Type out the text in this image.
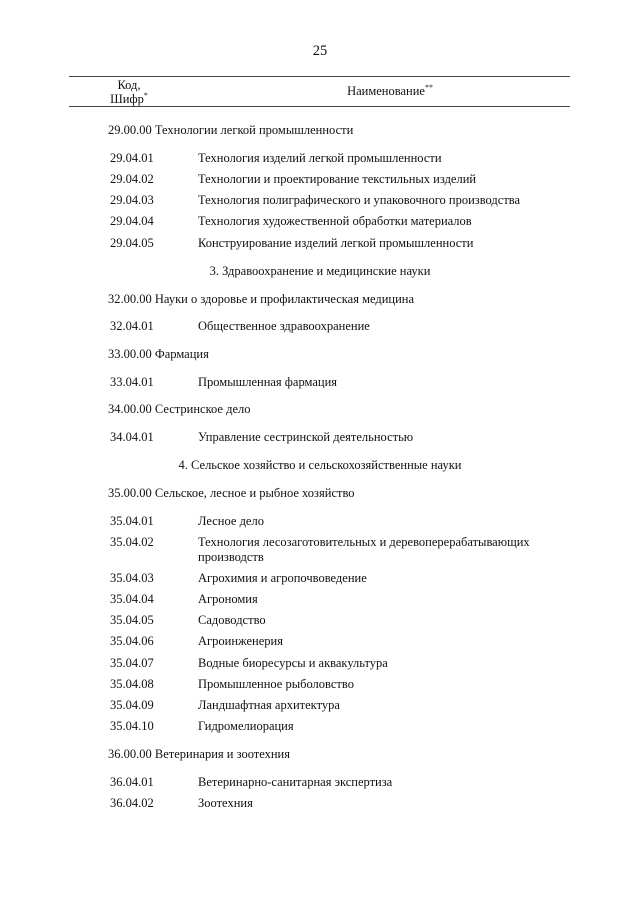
25
Код,
Шифр*	Наименование**
29.00.00 Технологии легкой промышленности
29.04.01	Технология изделий легкой промышленности
29.04.02	Технологии и проектирование текстильных изделий
29.04.03	Технология полиграфического и упаковочного производства
29.04.04	Технология художественной обработки материалов
29.04.05	Конструирование изделий легкой промышленности
3. Здравоохранение и медицинские науки
32.00.00 Науки о здоровье и профилактическая медицина
32.04.01	Общественное здравоохранение
33.00.00 Фармация
33.04.01	Промышленная фармация
34.00.00 Сестринское дело
34.04.01	Управление сестринской деятельностью
4. Сельское хозяйство и сельскохозяйственные науки
35.00.00 Сельское, лесное и рыбное хозяйство
35.04.01	Лесное дело
35.04.02	Технология лесозаготовительных и деревоперерабатывающих
производств
35.04.03	Агрохимия и агропочвоведение
35.04.04	Агрономия
35.04.05	Садоводство
35.04.06	Агроинженерия
35.04.07	Водные биоресурсы и аквакультура
35.04.08	Промышленное рыболовство
35.04.09	Ландшафтная архитектура
35.04.10	Гидромелиорация
36.00.00 Ветеринария и зоотехния
36.04.01	Ветеринарно-санитарная экспертиза
36.04.02	Зоотехния
